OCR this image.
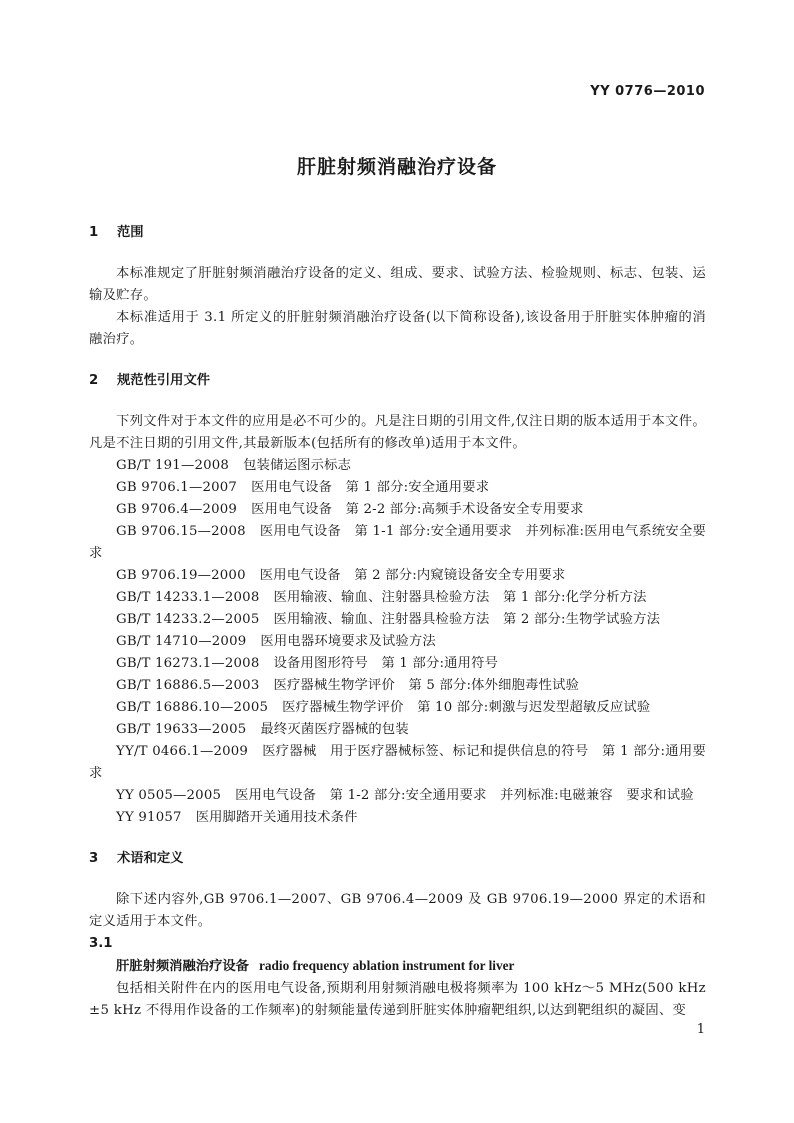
YY 0776—2010
肝脏射频消融治疗设备
1 范围
本标准规定了肝脏射频消融治疗设备的定义、组成、要求、试验方法、检验规则、标志、包装、运输及贮存。
本标准适用于 3.1 所定义的肝脏射频消融治疗设备(以下简称设备),该设备用于肝脏实体肿瘤的消融治疗。
2 规范性引用文件
下列文件对于本文件的应用是必不可少的。凡是注日期的引用文件,仅注日期的版本适用于本文件。凡是不注日期的引用文件,其最新版本(包括所有的修改单)适用于本文件。
GB/T 191—2008 包装储运图示标志
GB 9706.1—2007 医用电气设备　第 1 部分:安全通用要求
GB 9706.4—2009 医用电气设备　第 2-2 部分:高频手术设备安全专用要求
GB 9706.15—2008 医用电气设备　第 1-1 部分:安全通用要求　并列标准:医用电气系统安全要求
GB 9706.19—2000 医用电气设备　第 2 部分:内窥镜设备安全专用要求
GB/T 14233.1—2008 医用输液、输血、注射器具检验方法　第 1 部分:化学分析方法
GB/T 14233.2—2005 医用输液、输血、注射器具检验方法　第 2 部分:生物学试验方法
GB/T 14710—2009 医用电器环境要求及试验方法
GB/T 16273.1—2008 设备用图形符号　第 1 部分:通用符号
GB/T 16886.5—2003 医疗器械生物学评价　第 5 部分:体外细胞毒性试验
GB/T 16886.10—2005 医疗器械生物学评价　第 10 部分:刺激与迟发型超敏反应试验
GB/T 19633—2005 最终灭菌医疗器械的包装
YY/T 0466.1—2009 医疗器械　用于医疗器械标签、标记和提供信息的符号　第 1 部分:通用要求
YY 0505—2005 医用电气设备　第 1-2 部分:安全通用要求　并列标准:电磁兼容　要求和试验
YY 91057 医用脚踏开关通用技术条件
3 术语和定义
除下述内容外,GB 9706.1—2007、GB 9706.4—2009 及 GB 9706.19—2000 界定的术语和定义适用于本文件。
3.1
肝脏射频消融治疗设备 radio frequency ablation instrument for liver
包括相关附件在内的医用电气设备,预期利用射频消融电极将频率为 100 kHz～5 MHz(500 kHz ±5 kHz 不得用作设备的工作频率)的射频能量传递到肝脏实体肿瘤靶组织,以达到靶组织的凝固、变
1
